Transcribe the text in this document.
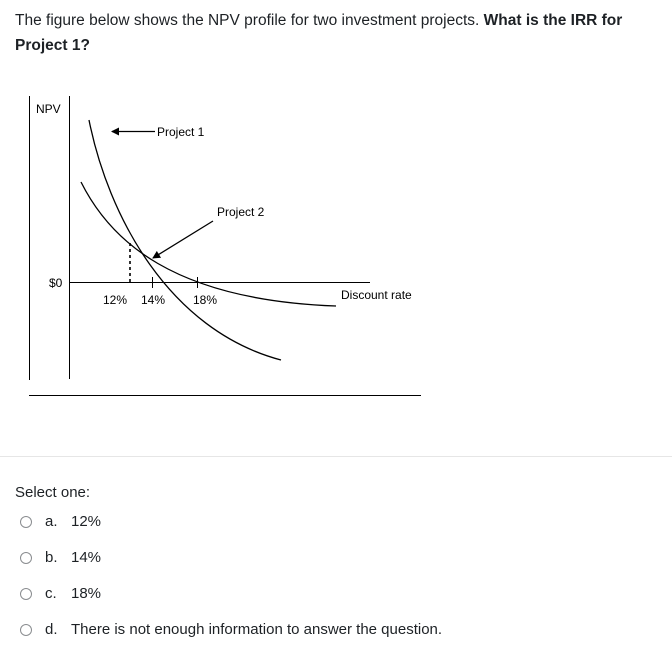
The figure below shows the NPV profile for two investment projects. What is the IRR for Project 1?
NPV
$0
Discount rate
12% 14% 18%
Project 1
Project 2
Select one:
a. 12%
b. 14%
c. 18%
d. There is not enough information to answer the question.
